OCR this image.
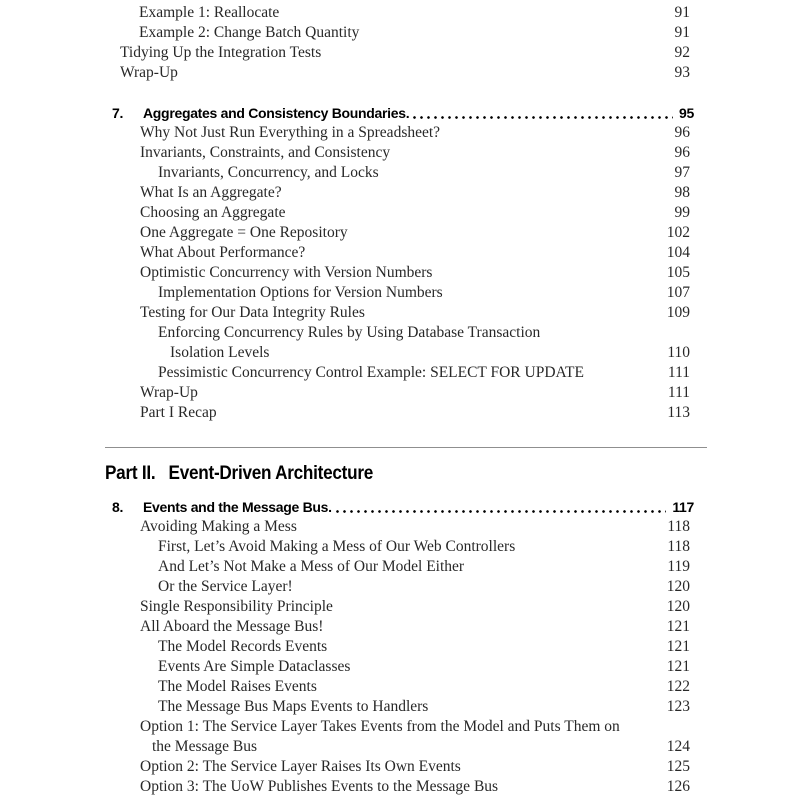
Example 1: Reallocate	91
Example 2: Change Batch Quantity	91
Tidying Up the Integration Tests	92
Wrap-Up	93
7.	Aggregates and Consistency Boundaries.	95
Why Not Just Run Everything in a Spreadsheet?	96
Invariants, Constraints, and Consistency	96
Invariants, Concurrency, and Locks	97
What Is an Aggregate?	98
Choosing an Aggregate	99
One Aggregate = One Repository	102
What About Performance?	104
Optimistic Concurrency with Version Numbers	105
Implementation Options for Version Numbers	107
Testing for Our Data Integrity Rules	109
Enforcing Concurrency Rules by Using Database Transaction
Isolation Levels	110
Pessimistic Concurrency Control Example: SELECT FOR UPDATE	111
Wrap-Up	111
Part I Recap	113
Part II. Event-Driven Architecture
8.	Events and the Message Bus.	117
Avoiding Making a Mess	118
First, Let’s Avoid Making a Mess of Our Web Controllers	118
And Let’s Not Make a Mess of Our Model Either	119
Or the Service Layer!	120
Single Responsibility Principle	120
All Aboard the Message Bus!	121
The Model Records Events	121
Events Are Simple Dataclasses	121
The Model Raises Events	122
The Message Bus Maps Events to Handlers	123
Option 1: The Service Layer Takes Events from the Model and Puts Them on
the Message Bus	124
Option 2: The Service Layer Raises Its Own Events	125
Option 3: The UoW Publishes Events to the Message Bus	126
